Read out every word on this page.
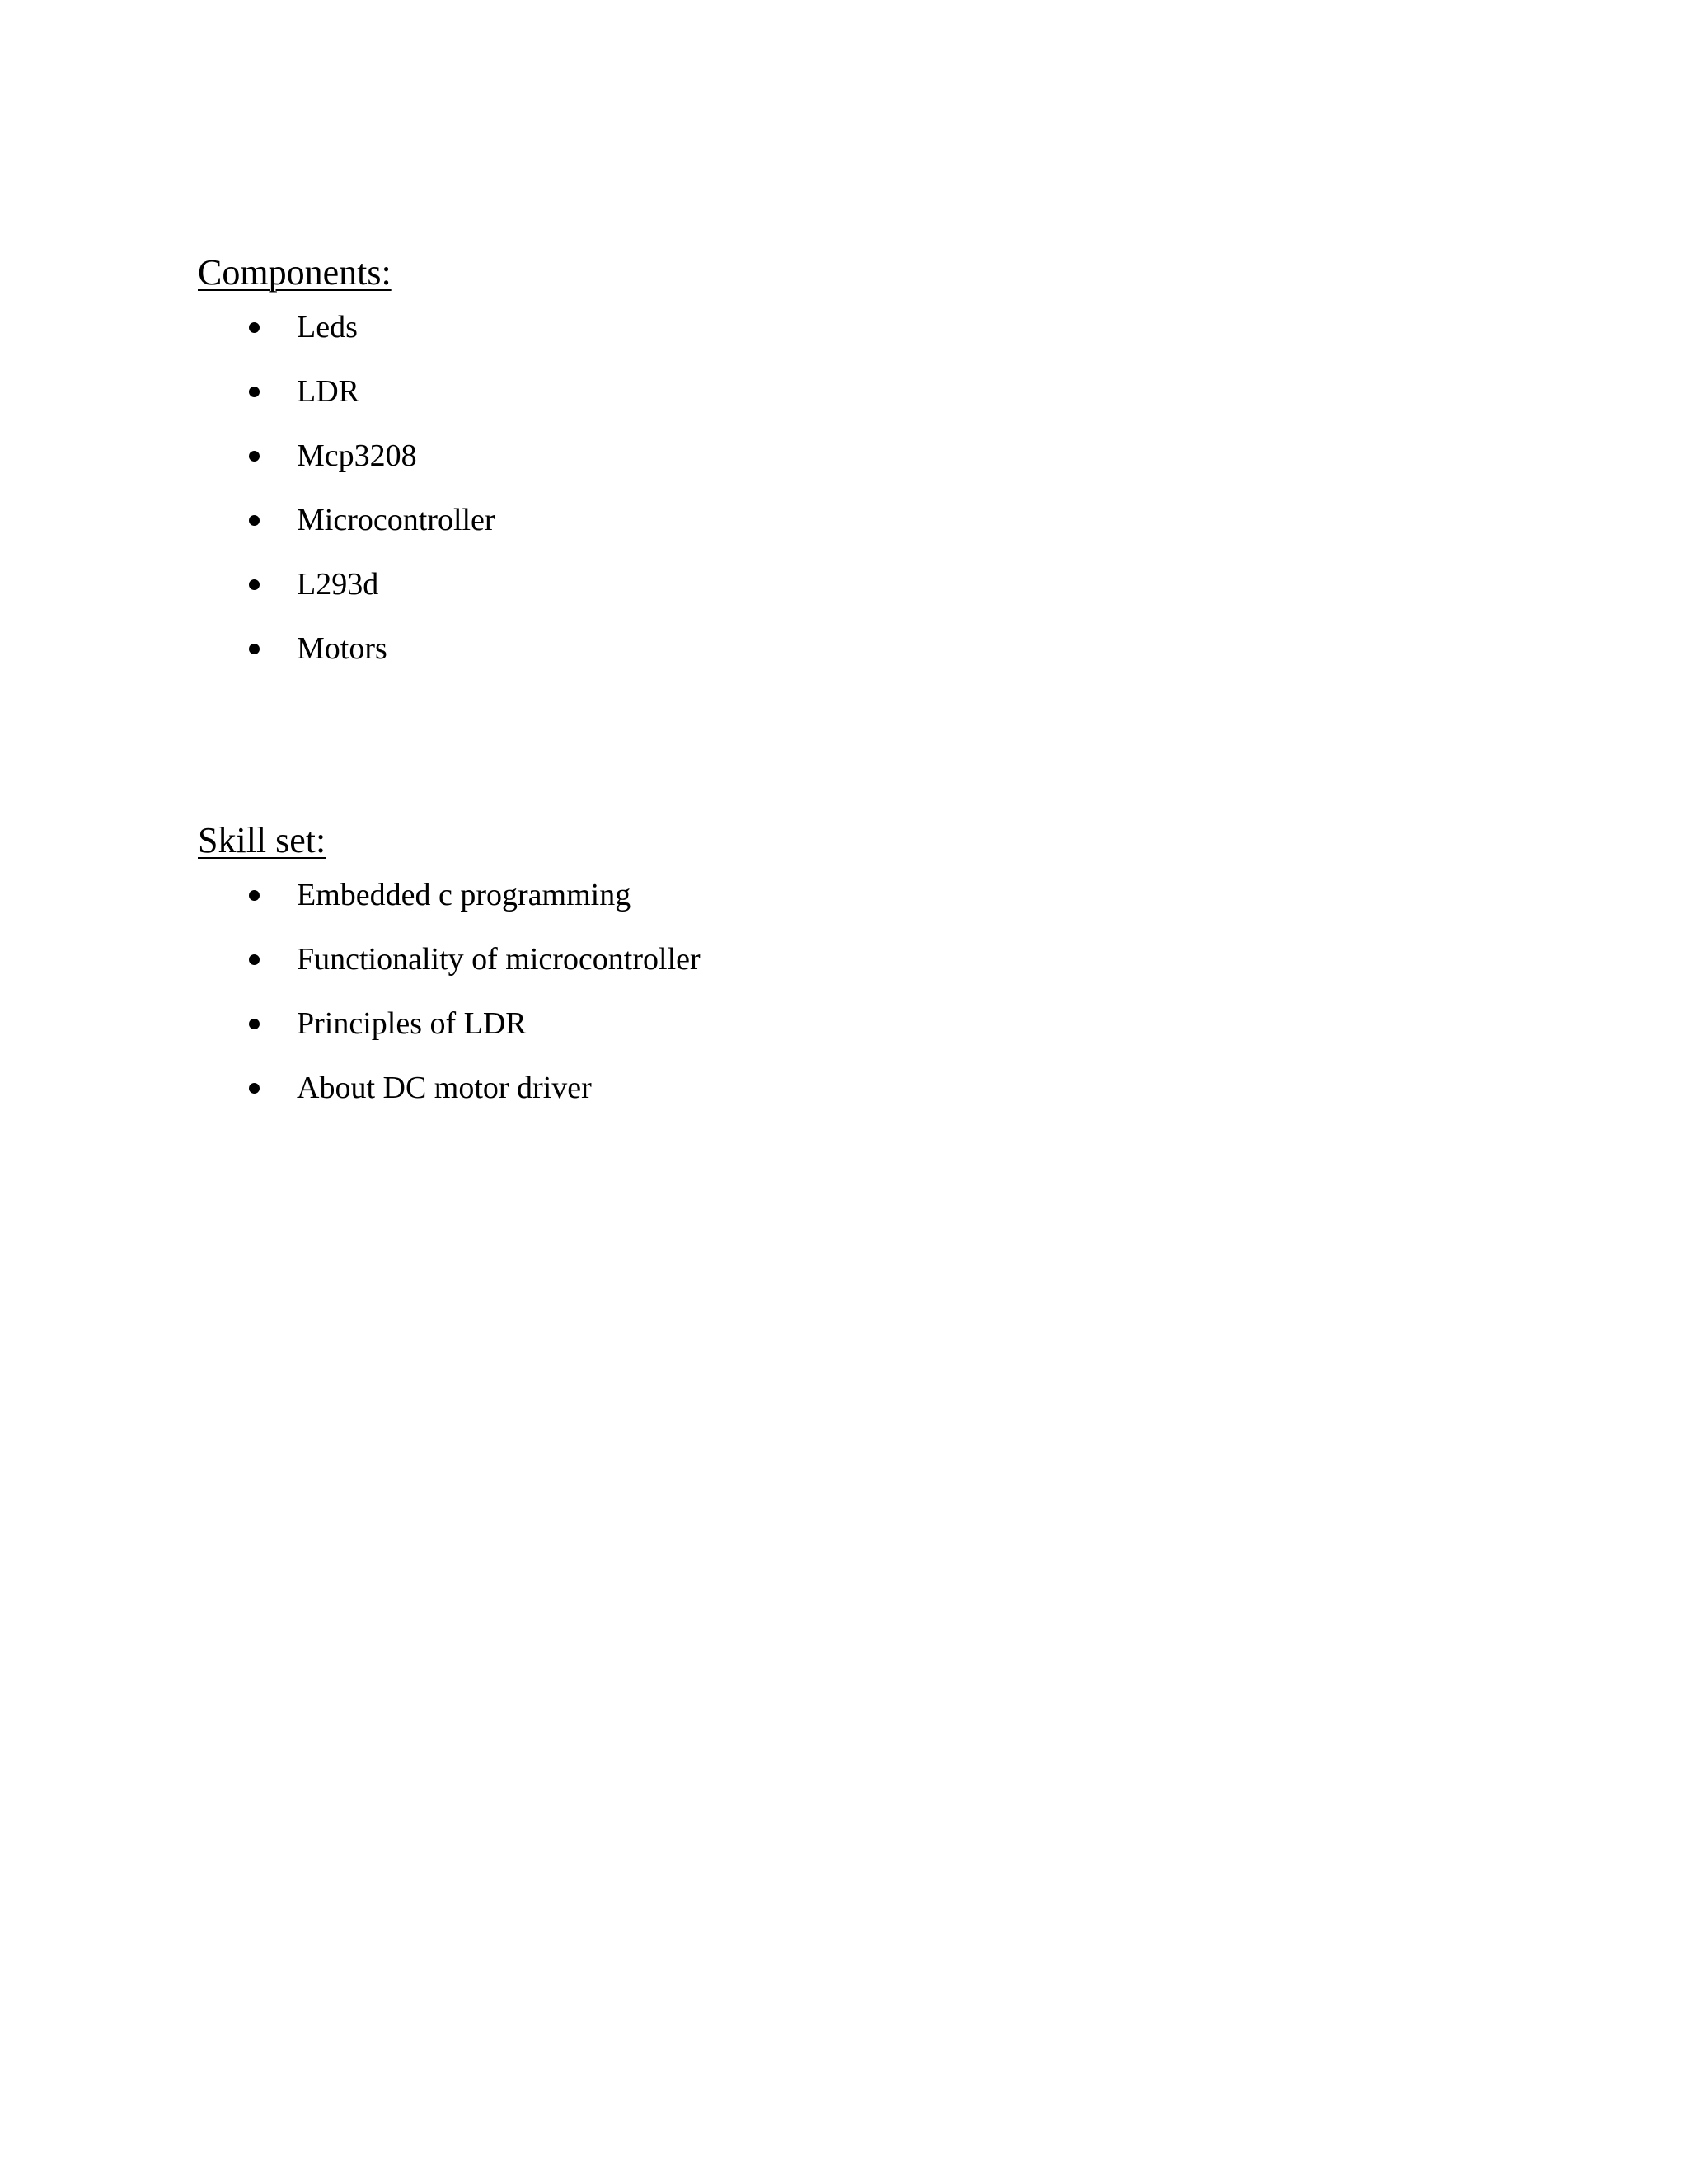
Components:
Leds
LDR
Mcp3208
Microcontroller
L293d
Motors
Skill set:
Embedded c programming
Functionality of microcontroller
Principles of LDR
About DC motor driver
